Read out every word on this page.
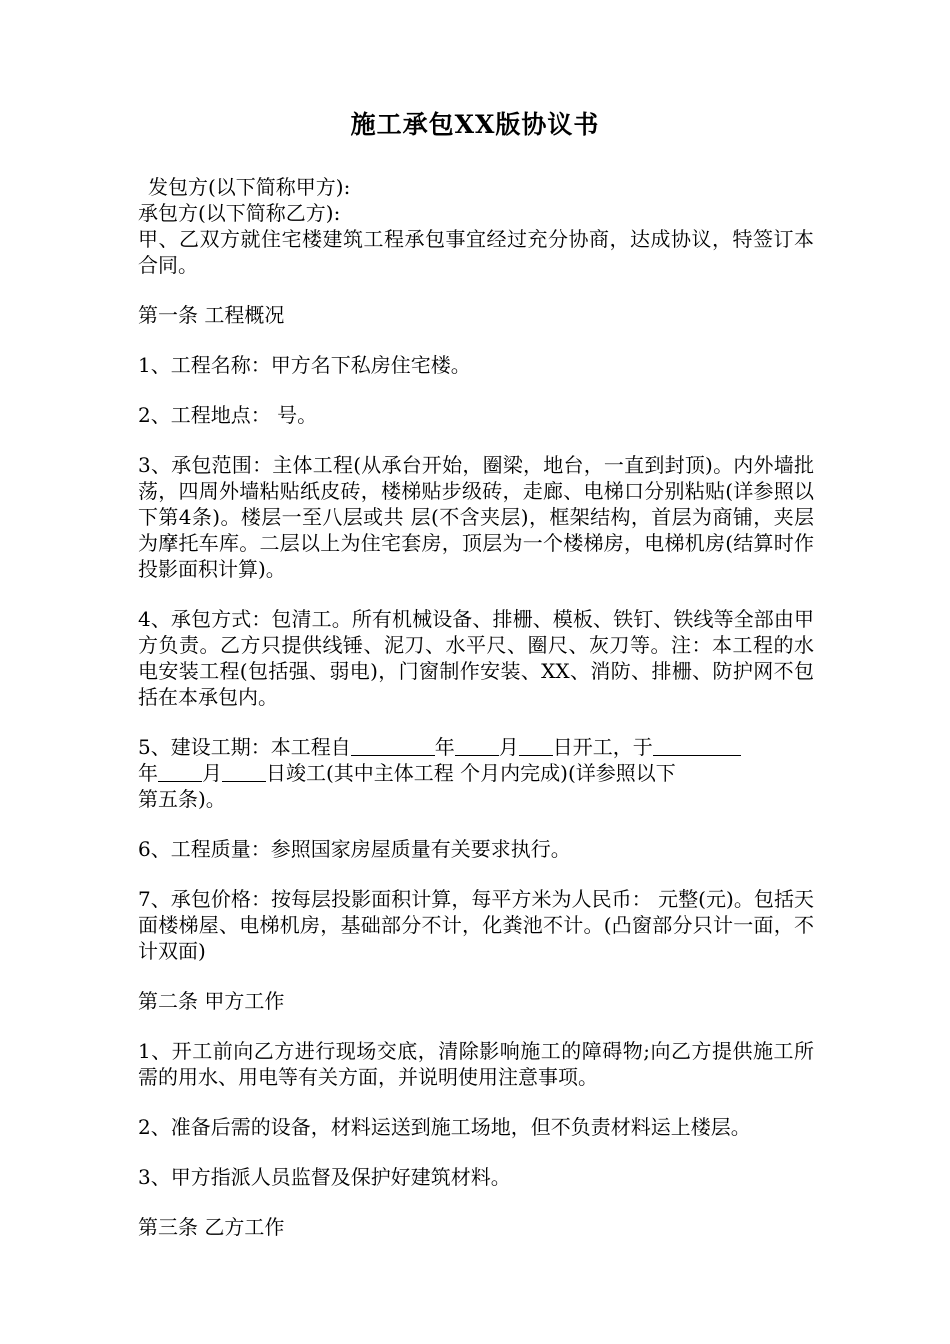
施工承包XX版协议书
发包方(以下简称甲方):
承包方(以下简称乙方):
甲、乙双方就住宅楼建筑工程承包事宜经过充分协商，达成协议，特签订本合同。
第一条 工程概况
1、工程名称：甲方名下私房住宅楼。
2、工程地点： 号。
3、承包范围：主体工程(从承台开始，圈梁，地台，一直到封顶)。内外墙批荡，四周外墙粘贴纸皮砖，楼梯贴步级砖，走廊、电梯口分别粘贴(详参照以下第4条)。楼层一至八层或共 层(不含夹层)，框架结构，首层为商铺，夹层为摩托车库。二层以上为住宅套房，顶层为一个楼梯房，电梯机房(结算时作投影面积计算)。
4、承包方式：包清工。所有机械设备、排栅、模板、铁钉、铁线等全部由甲方负责。乙方只提供线锤、泥刀、水平尺、圈尺、灰刀等。注：本工程的水电安装工程(包括强、弱电)，门窗制作安装、XX、消防、排栅、防护网不包括在本承包内。
5、建设工期：本工程自	年 月 日开工，于
年 月 日竣工(其中主体工程 个月内完成)(详参照以下
第五条)。
6、工程质量：参照国家房屋质量有关要求执行。
7、承包价格：按每层投影面积计算，每平方米为人民币： 元整(元)。包括天面楼梯屋、电梯机房，基础部分不计，化粪池不计。(凸窗部分只计一面，不计双面)
第二条 甲方工作
1、开工前向乙方进行现场交底，清除影响施工的障碍物;向乙方提供施工所需的用水、用电等有关方面，并说明使用注意事项。
2、准备后需的设备，材料运送到施工场地，但不负责材料运上楼层。
3、甲方指派人员监督及保护好建筑材料。
第三条 乙方工作
